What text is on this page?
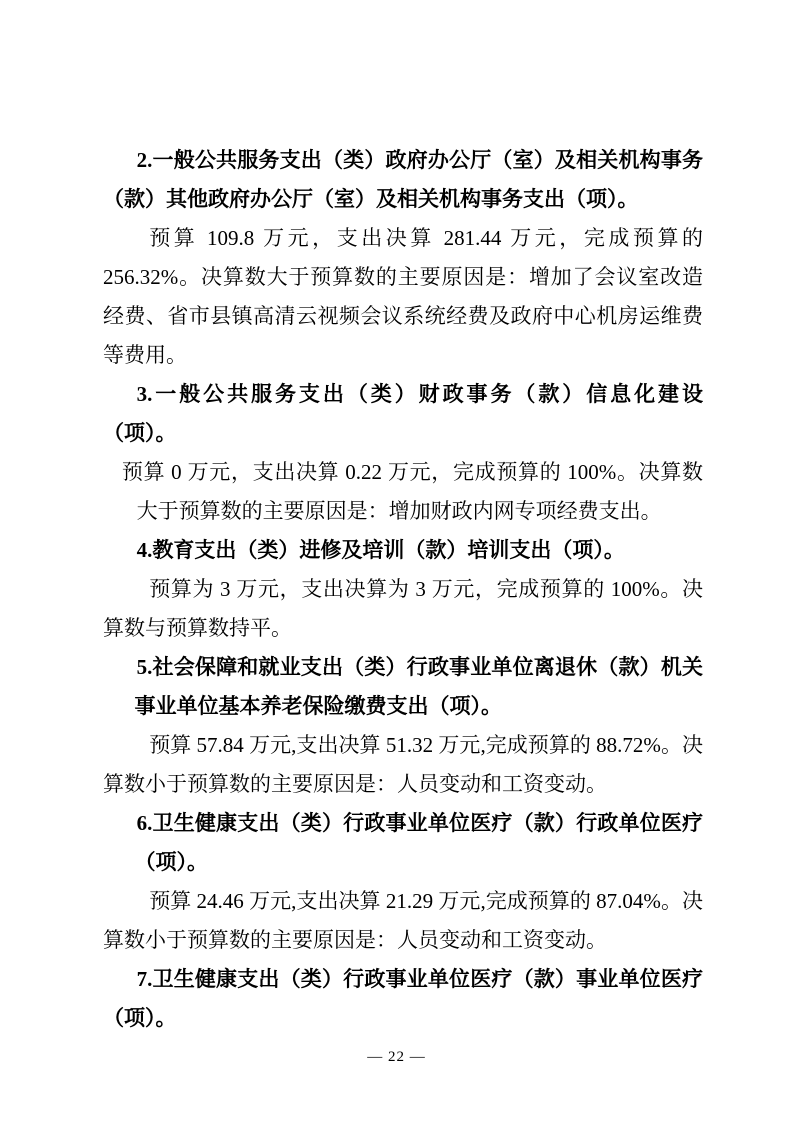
2.一般公共服务支出（类）政府办公厅（室）及相关机构事务（款）其他政府办公厅（室）及相关机构事务支出（项）。

预算 109.8 万元，支出决算 281.44 万元，完成预算的 256.32%。决算数大于预算数的主要原因是：增加了会议室改造经费、省市县镇高清云视频会议系统经费及政府中心机房运维费等费用。

3.一般公共服务支出（类）财政事务（款）信息化建设（项）。

预算 0 万元，支出决算 0.22 万元，完成预算的 100%。决算数大于预算数的主要原因是：增加财政内网专项经费支出。

4.教育支出（类）进修及培训（款）培训支出（项）。

预算为 3 万元，支出决算为 3 万元，完成预算的 100%。决算数与预算数持平。

5.社会保障和就业支出（类）行政事业单位离退休（款）机关事业单位基本养老保险缴费支出（项）。

预算 57.84 万元,支出决算 51.32 万元,完成预算的 88.72%。决算数小于预算数的主要原因是：人员变动和工资变动。

6.卫生健康支出（类）行政事业单位医疗（款）行政单位医疗（项）。

预算 24.46 万元,支出决算 21.29 万元,完成预算的 87.04%。决算数小于预算数的主要原因是：人员变动和工资变动。

7.卫生健康支出（类）行政事业单位医疗（款）事业单位医疗（项）。

— 22 —
